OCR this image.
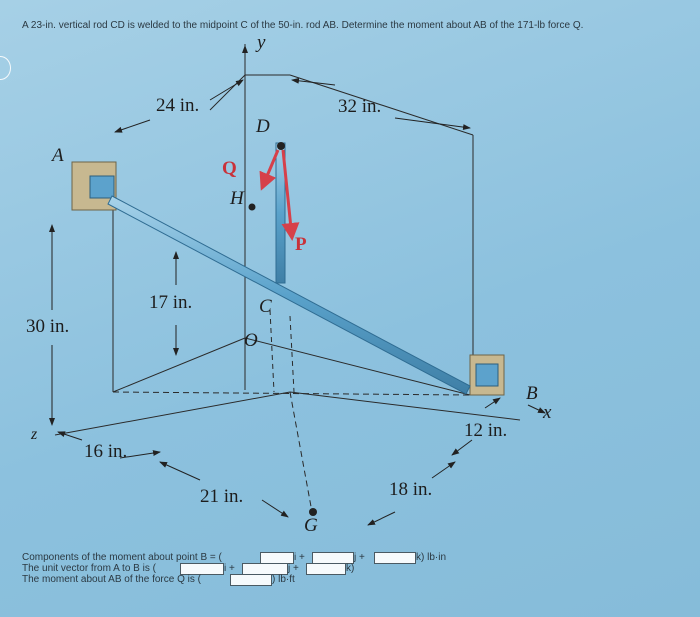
A 23-in. vertical rod CD is welded to the midpoint C of the 50-in. rod AB. Determine the moment about AB of the 171-lb force Q.
y
24 in.	32 in.
D
A
Q
H
P
17 in.	C
30 in.
O
B
x
12 in.
z
16 in.
18 in.
21 in.
G
Components of the moment about point B = (	i +	j +	k) lb·in
The unit vector from A to B is (	i +	j +	k)
The moment about AB of the force Q is (	) lb·ft
